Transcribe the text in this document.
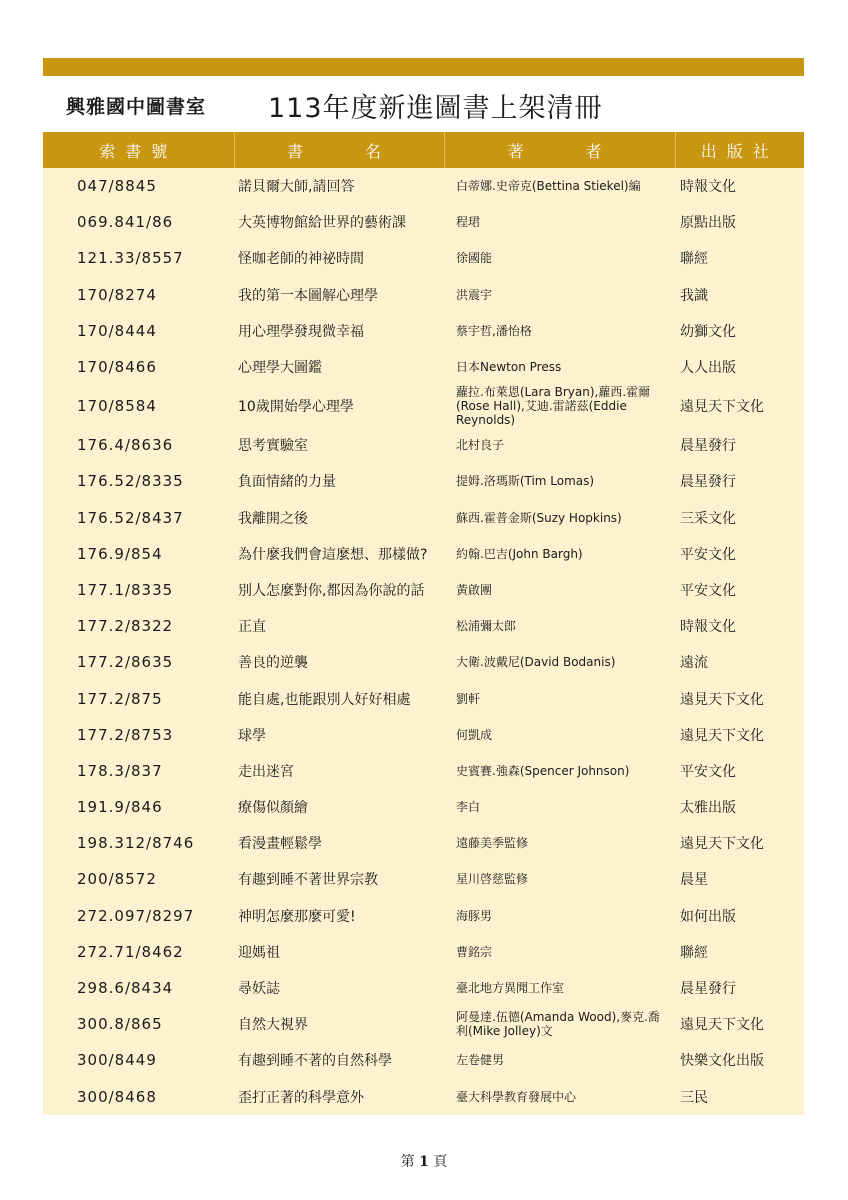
興雅國中圖書室 113年度新進圖書上架清冊
索書號	書　　名	著　　者	出版社
047/8845	諾貝爾大師,請回答	白蒂娜.史帝克(Bettina Stiekel)編	時報文化
069.841/86	大英博物館給世界的藝術課	程珺	原點出版
121.33/8557	怪咖老師的神祕時間	徐國能	聯經
170/8274	我的第一本圖解心理學	洪震宇	我識
170/8444	用心理學發現微幸福	蔡宇哲,潘怡格	幼獅文化
170/8466	心理學大圖鑑	日本Newton Press	人人出版
170/8584	10歲開始學心理學	蘿拉.布萊恩(Lara Bryan),蘿西.霍爾(Rose Hall),艾迪.雷諾茲(Eddie Reynolds)	遠見天下文化
176.4/8636	思考實驗室	北村良子	晨星發行
176.52/8335	負面情緒的力量	提姆.洛瑪斯(Tim Lomas)	晨星發行
176.52/8437	我離開之後	蘇西.霍普金斯(Suzy Hopkins)	三采文化
176.9/854	為什麼我們會這麼想、那樣做?	約翰.巴吉(John Bargh)	平安文化
177.1/8335	別人怎麼對你,都因為你說的話	黃啟團	平安文化
177.2/8322	正直	松浦彌太郎	時報文化
177.2/8635	善良的逆襲	大衛.波戴尼(David Bodanis)	遠流
177.2/875	能自處,也能跟別人好好相處	劉軒	遠見天下文化
177.2/8753	球學	何凱成	遠見天下文化
178.3/837	走出迷宮	史賓賽.強森(Spencer Johnson)	平安文化
191.9/846	療傷似顏繪	李白	太雅出版
198.312/8746	看漫畫輕鬆學	遠藤美季監修	遠見天下文化
200/8572	有趣到睡不著世界宗教	星川啓慈監修	晨星
272.097/8297	神明怎麼那麼可愛!	海豚男	如何出版
272.71/8462	迎媽祖	曹銘宗	聯經
298.6/8434	尋妖誌	臺北地方異聞工作室	晨星發行
300.8/865	自然大視界	阿曼達.伍德(Amanda Wood),麥克.喬利(Mike Jolley)文	遠見天下文化
300/8449	有趣到睡不著的自然科學	左卷健男	快樂文化出版
300/8468	歪打正著的科學意外	臺大科學教育發展中心	三民
第 1 頁
